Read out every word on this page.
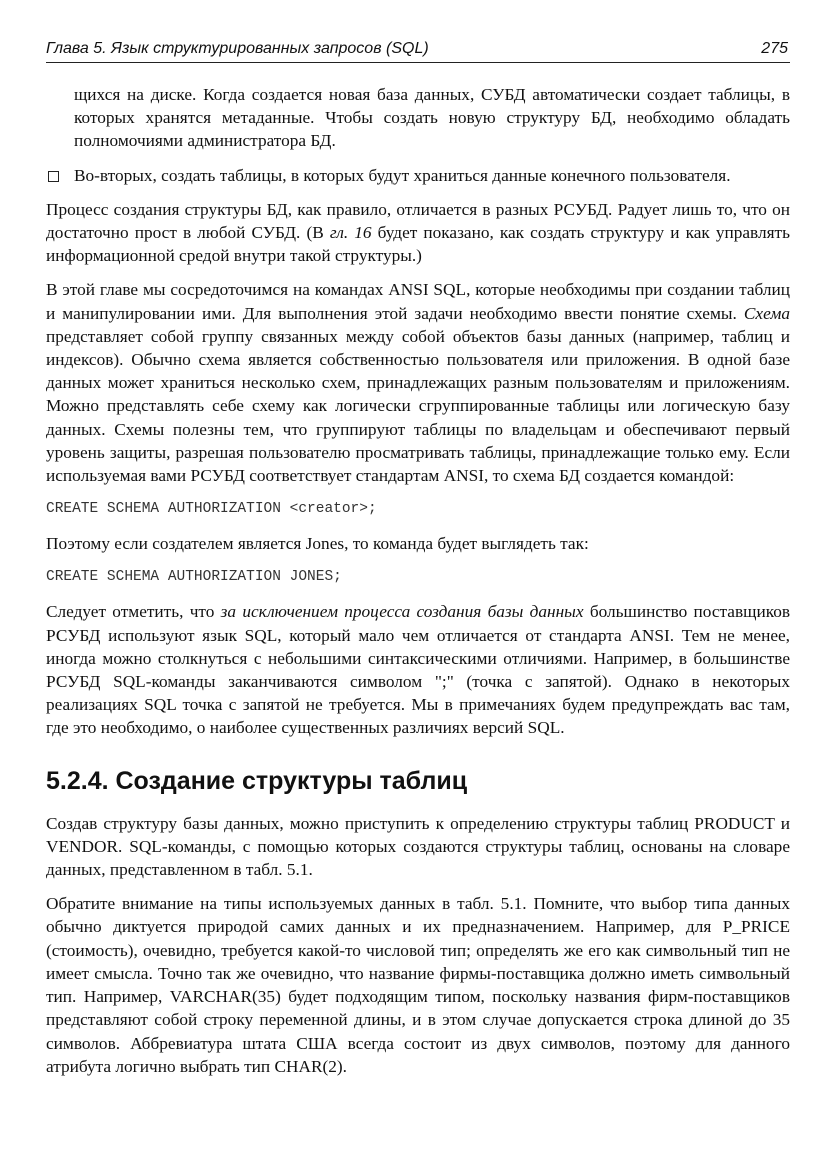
Глава 5. Язык структурированных запросов (SQL)	275

щихся на диске. Когда создается новая база данных, СУБД автоматически создает таблицы, в которых хранятся метаданные. Чтобы создать новую структуру БД, необходимо обладать полномочиями администратора БД.

Во-вторых, создать таблицы, в которых будут храниться данные конечного пользователя.

Процесс создания структуры БД, как правило, отличается в разных РСУБД. Радует лишь то, что он достаточно прост в любой СУБД. (В гл. 16 будет показано, как создать структуру и как управлять информационной средой внутри такой структуры.)

В этой главе мы сосредоточимся на командах ANSI SQL, которые необходимы при создании таблиц и манипулировании ими. Для выполнения этой задачи необходимо ввести понятие схемы. Схема представляет собой группу связанных между собой объектов базы данных (например, таблиц и индексов). Обычно схема является собственностью пользователя или приложения. В одной базе данных может храниться несколько схем, принадлежащих разным пользователям и приложениям. Можно представлять себе схему как логически сгруппированные таблицы или логическую базу данных. Схемы полезны тем, что группируют таблицы по владельцам и обеспечивают первый уровень защиты, разрешая пользователю просматривать таблицы, принадлежащие только ему. Если используемая вами РСУБД соответствует стандартам ANSI, то схема БД создается командой:

CREATE SCHEMA AUTHORIZATION <creator>;

Поэтому если создателем является Jones, то команда будет выглядеть так:

CREATE SCHEMA AUTHORIZATION JONES;

Следует отметить, что за исключением процесса создания базы данных большинство поставщиков РСУБД используют язык SQL, который мало чем отличается от стандарта ANSI. Тем не менее, иногда можно столкнуться с небольшими синтаксическими отличиями. Например, в большинстве РСУБД SQL-команды заканчиваются символом ";" (точка с запятой). Однако в некоторых реализациях SQL точка с запятой не требуется. Мы в примечаниях будем предупреждать вас там, где это необходимо, о наиболее существенных различиях версий SQL.

5.2.4. Создание структуры таблиц

Создав структуру базы данных, можно приступить к определению структуры таблиц PRODUCT и VENDOR. SQL-команды, с помощью которых создаются структуры таблиц, основаны на словаре данных, представленном в табл. 5.1.

Обратите внимание на типы используемых данных в табл. 5.1. Помните, что выбор типа данных обычно диктуется природой самих данных и их предназначением. Например, для P_PRICE (стоимость), очевидно, требуется какой-то числовой тип; определять же его как символьный тип не имеет смысла. Точно так же очевидно, что название фирмы-поставщика должно иметь символьный тип. Например, VARCHAR(35) будет подходящим типом, поскольку названия фирм-поставщиков представляют собой строку переменной длины, и в этом случае допускается строка длиной до 35 символов. Аббревиатура штата США всегда состоит из двух символов, поэтому для данного атрибута логично выбрать тип CHAR(2).
